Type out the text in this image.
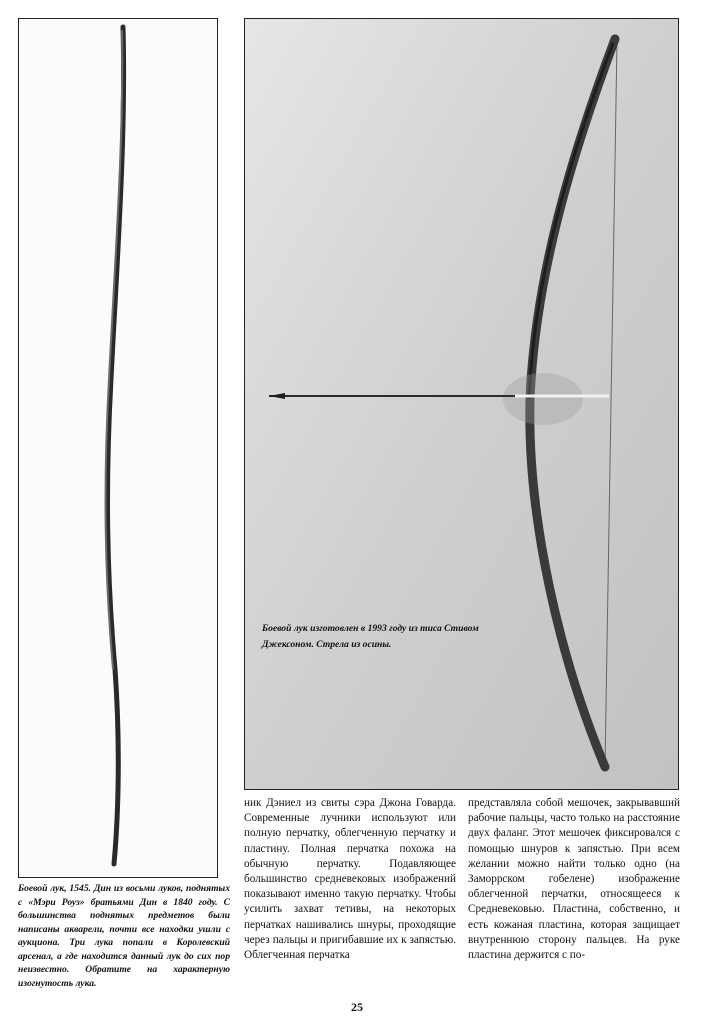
Боевой лук изготовлен в 1993 году из тиса Стивом Джексоном. Стрела из осины.

Боевой лук, 1545. Дин из восьми луков, поднятых с «Мэри Роуз» братьями Дин в 1840 году. С большинства поднятых предметов были написаны акварели, почти все находки ушли с аукциона. Три лука попали в Королевский арсенал, а где находится данный лук до сих пор неизвестно. Обратите на характерную изогнутость лука.

ник Дэниел из свиты сэра Джона Говарда. Современные лучники используют или полную перчатку, облегченную перчатку и пластину. Полная перчатка похожа на обычную перчатку. Подавляющее большинство средневековых изображений показывают именно такую перчатку. Чтобы усилить захват тетивы, на некоторых перчатках нашивались шнуры, проходящие через пальцы и пригибавшие их к запястью. Облегченная перчатка

представляла собой мешочек, закрывавший рабочие пальцы, часто только на расстояние двух фаланг. Этот мешочек фиксировался с помощью шнуров к запястью. При всем желании можно найти только одно (на Заморрском гобелене) изображение облегченной перчатки, относящееся к Средневековью. Пластина, собственно, и есть кожаная пластина, которая защищает внутреннюю сторону пальцев. На руке пластина держится с по-

25
